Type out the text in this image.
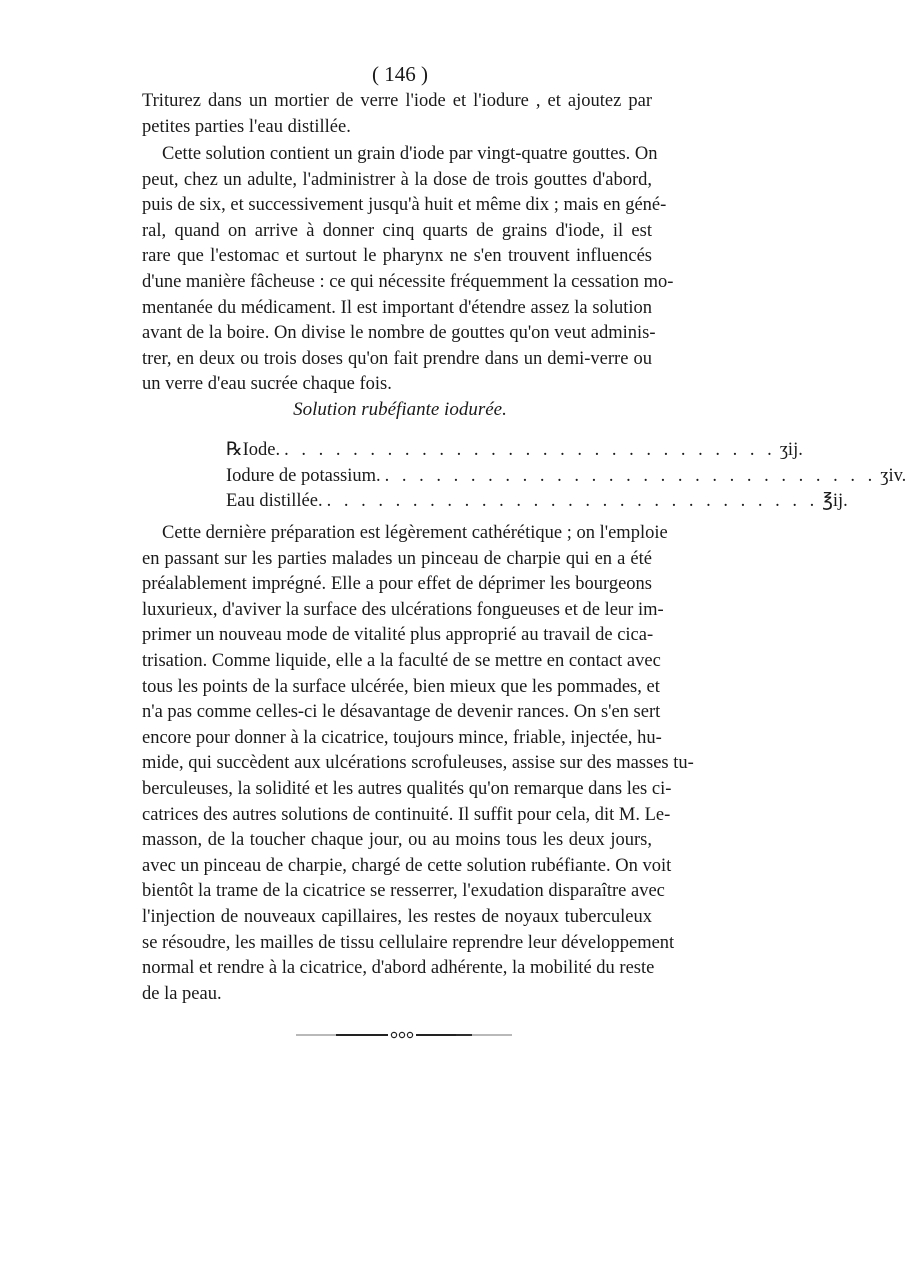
( 146 )
Triturez dans un mortier de verre l'iode et l'iodure , et ajoutez par
petites parties l'eau distillée.
Cette solution contient un grain d'iode par vingt-quatre gouttes. On
peut, chez un adulte, l'administrer à la dose de trois gouttes d'abord,
puis de six, et successivement jusqu'à huit et même dix ; mais en géné-
ral, quand on arrive à donner cinq quarts de grains d'iode, il est
rare que l'estomac et surtout le pharynx ne s'en trouvent influencés
d'une manière fâcheuse : ce qui nécessite fréquemment la cessation mo-
mentanée du médicament. Il est important d'étendre assez la solution
avant de la boire. On divise le nombre de gouttes qu'on veut adminis-
trer, en deux ou trois doses qu'on fait prendre dans un demi-verre ou
un verre d'eau sucrée chaque fois.
Solution rubéfiante iodurée.
℞ Iode. . . . . . . . . . . . . . . . . . . . . . . . . . . . . . ʒij.
Iodure de potassium. . . . . . . . . . . . . . . . . . . . . . . . . . . . . . ʒiv.
Eau distillée. . . . . . . . . . . . . . . . . . . . . . . . . . . . . . ℥ij.
Cette dernière préparation est légèrement cathérétique ; on l'emploie
en passant sur les parties malades un pinceau de charpie qui en a été
préalablement imprégné. Elle a pour effet de déprimer les bourgeons
luxurieux, d'aviver la surface des ulcérations fongueuses et de leur im-
primer un nouveau mode de vitalité plus approprié au travail de cica-
trisation. Comme liquide, elle a la faculté de se mettre en contact avec
tous les points de la surface ulcérée, bien mieux que les pommades, et
n'a pas comme celles-ci le désavantage de devenir rances. On s'en sert
encore pour donner à la cicatrice, toujours mince, friable, injectée, hu-
mide, qui succèdent aux ulcérations scrofuleuses, assise sur des masses tu-
berculeuses, la solidité et les autres qualités qu'on remarque dans les ci-
catrices des autres solutions de continuité. Il suffit pour cela, dit M. Le-
masson, de la toucher chaque jour, ou au moins tous les deux jours,
avec un pinceau de charpie, chargé de cette solution rubéfiante. On voit
bientôt la trame de la cicatrice se resserrer, l'exudation disparaître avec
l'injection de nouveaux capillaires, les restes de noyaux tuberculeux
se résoudre, les mailles de tissu cellulaire reprendre leur développement
normal et rendre à la cicatrice, d'abord adhérente, la mobilité du reste
de la peau.
